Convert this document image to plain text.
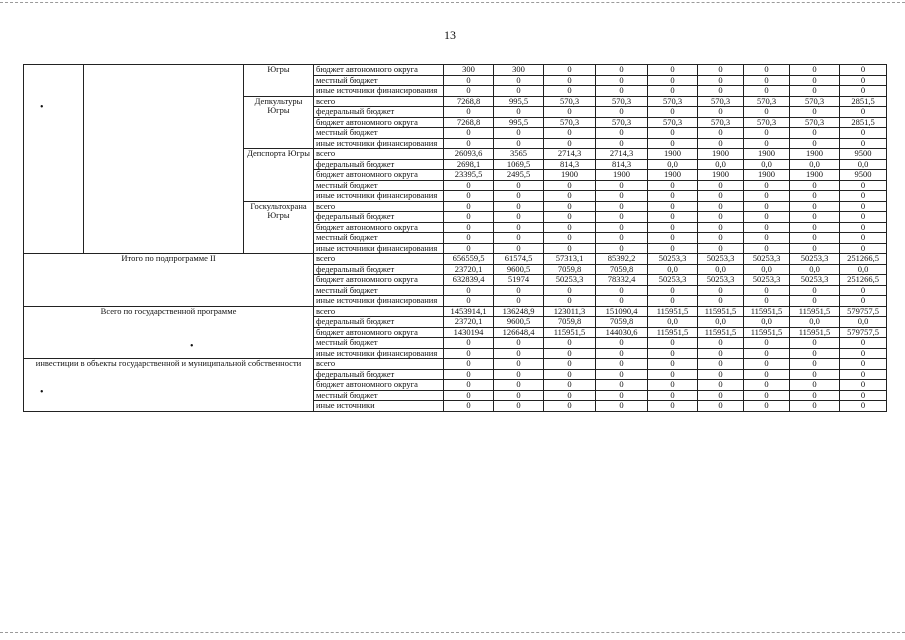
13
•
•
•
		Югры	бюджет автономного округа	300	300	0	0	0	0	0	0	0
			местный бюджет	0	0	0	0	0	0	0	0	0
			иные источники финансирования	0	0	0	0	0	0	0	0	0
		Депкультуры Югры	всего	7268,8	995,5	570,3	570,3	570,3	570,3	570,3	570,3	2851,5
			федеральный бюджет	0	0	0	0	0	0	0	0	0
			бюджет автономного округа	7268,8	995,5	570,3	570,3	570,3	570,3	570,3	570,3	2851,5
			местный бюджет	0	0	0	0	0	0	0	0	0
			иные источники финансирования	0	0	0	0	0	0	0	0	0
		Депспорта Югры	всего	26093,6	3565	2714,3	2714,3	1900	1900	1900	1900	9500
			федеральный бюджет	2698,1	1069,5	814,3	814,3	0,0	0,0	0,0	0,0	0,0
			бюджет автономного округа	23395,5	2495,5	1900	1900	1900	1900	1900	1900	9500
			местный бюджет	0	0	0	0	0	0	0	0	0
			иные источники финансирования	0	0	0	0	0	0	0	0	0
		Госкультохрана Югры	всего	0	0	0	0	0	0	0	0	0
			федеральный бюджет	0	0	0	0	0	0	0	0	0
			бюджет автономного округа	0	0	0	0	0	0	0	0	0
			местный бюджет	0	0	0	0	0	0	0	0	0
			иные источники финансирования	0	0	0	0	0	0	0	0	0
Итого по подпрограмме II			всего	656559,5	61574,5	57313,1	85392,2	50253,3	50253,3	50253,3	50253,3	251266,5
			федеральный бюджет	23720,1	9600,5	7059,8	7059,8	0,0	0,0	0,0	0,0	0,0
			бюджет автономного округа	632839,4	51974	50253,3	78332,4	50253,3	50253,3	50253,3	50253,3	251266,5
			местный бюджет	0	0	0	0	0	0	0	0	0
			иные источники финансирования	0	0	0	0	0	0	0	0	0
Всего по государственной программе			всего	1453914,1	136248,9	123011,3	151090,4	115951,5	115951,5	115951,5	115951,5	579757,5
			федеральный бюджет	23720,1	9600,5	7059,8	7059,8	0,0	0,0	0,0	0,0	0,0
			бюджет автономного округа	1430194	126648,4	115951,5	144030,6	115951,5	115951,5	115951,5	115951,5	579757,5
			местный бюджет	0	0	0	0	0	0	0	0	0
			иные источники финансирования	0	0	0	0	0	0	0	0	0
инвестиции в объекты государственной и муниципальной собственности			всего	0	0	0	0	0	0	0	0	0
			федеральный бюджет	0	0	0	0	0	0	0	0	0
			бюджет автономного округа	0	0	0	0	0	0	0	0	0
			местный бюджет	0	0	0	0	0	0	0	0	0
			иные источники	0	0	0	0	0	0	0	0	0
